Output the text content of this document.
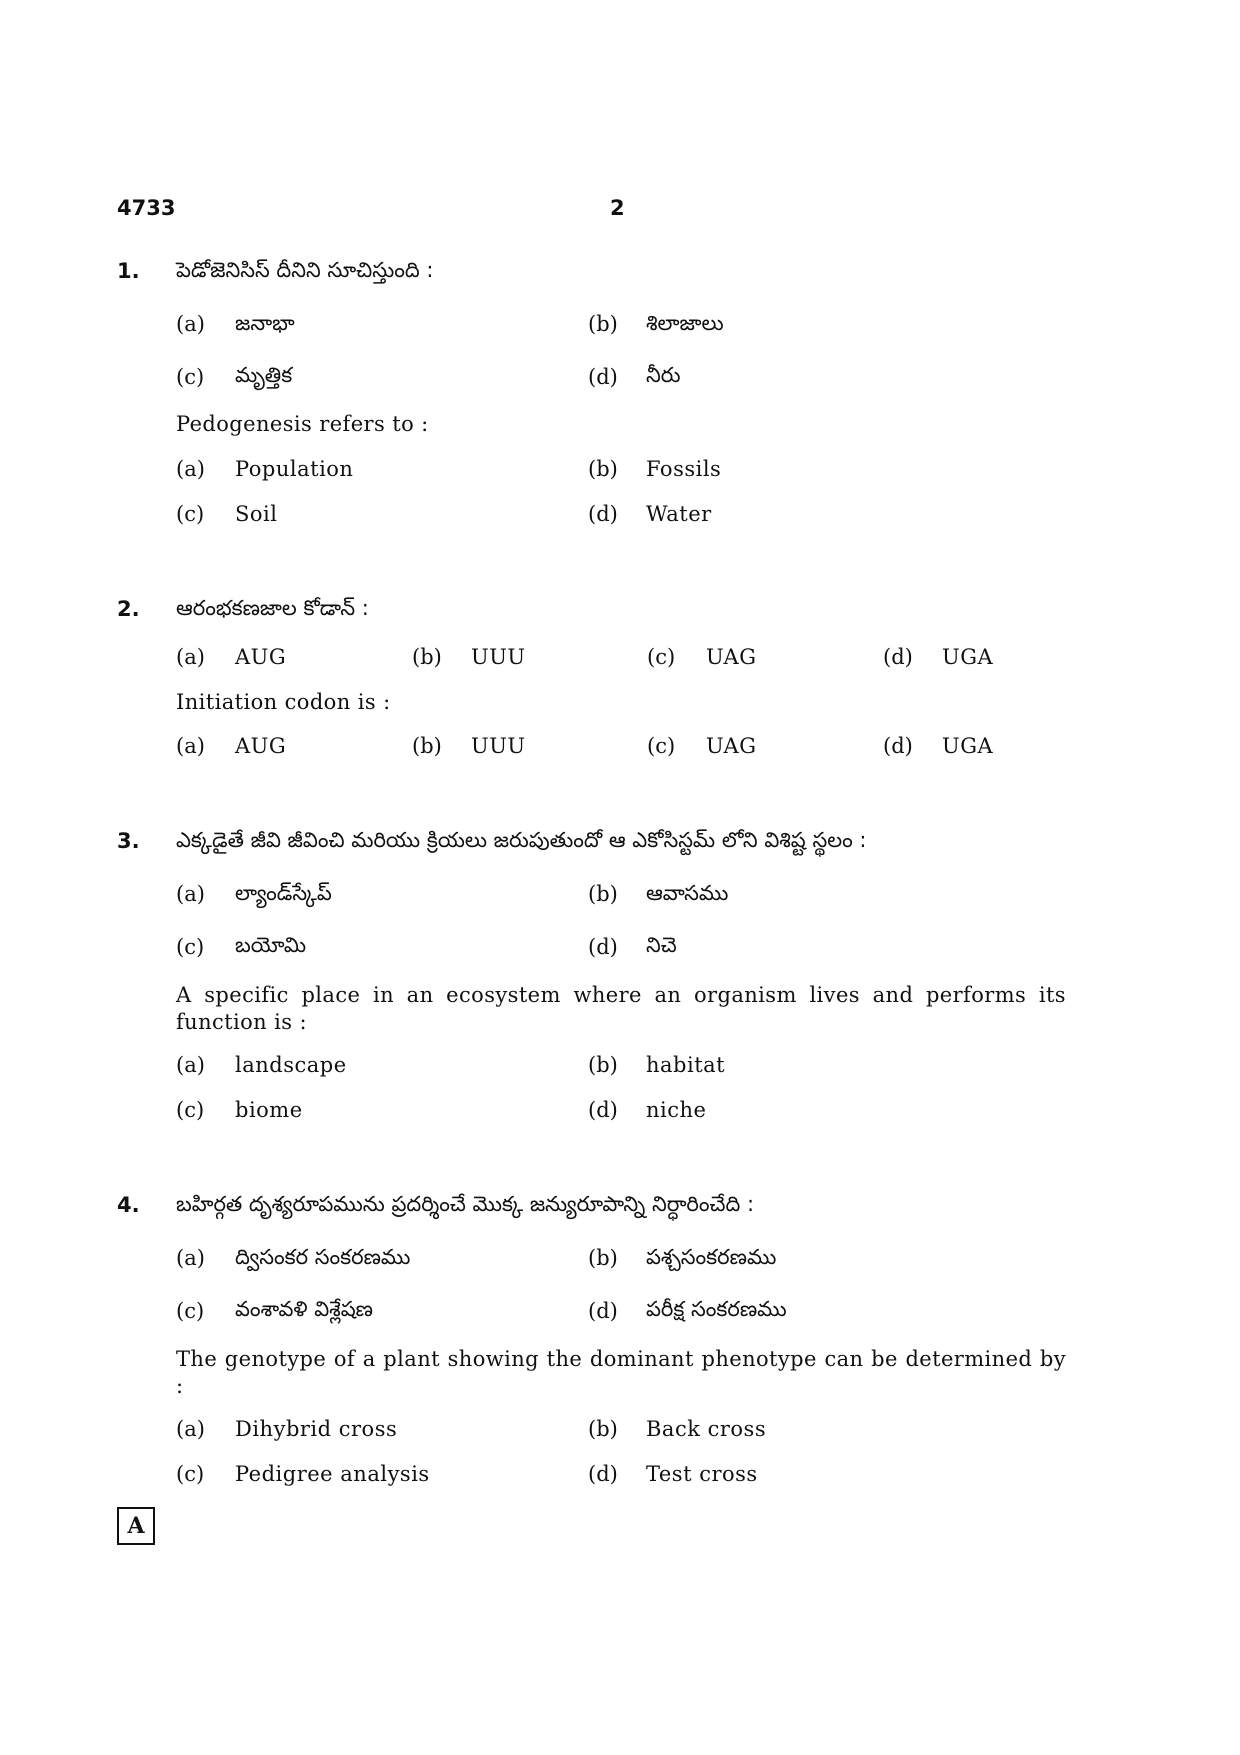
4733	2
1. పెడోజెనిసిస్ దీనిని సూచిస్తుంది :
(a) జనాభా	(b) శిలాజాలు
(c) మృత్తిక	(d) నీరు
Pedogenesis refers to :
(a) Population	(b) Fossils
(c) Soil	(d) Water
2. ఆరంభకణజాల కోడాన్ :
(a) AUG	(b) UUU	(c) UAG	(d) UGA
Initiation codon is :
(a) AUG	(b) UUU	(c) UAG	(d) UGA
3. ఎక్కడైతే జీవి జీవించి మరియు క్రియలు జరుపుతుందో ఆ ఎకోసిస్టమ్ లోని విశిష్ట స్థలం :
(a) ల్యాండ్‌స్కేప్	(b) ఆవాసము
(c) బయోమి	(d) నిచె
A specific place in an ecosystem where an organism lives and performs its function is :
(a) landscape	(b) habitat
(c) biome	(d) niche
4. బహిర్గత దృశ్యరూపమును ప్రదర్శించే మొక్క జన్యురూపాన్ని నిర్ధారించేది :
(a) ద్విసంకర సంకరణము	(b) పశ్చసంకరణము
(c) వంశావళి విశ్లేషణ	(d) పరీక్ష సంకరణము
The genotype of a plant showing the dominant phenotype can be determined by :
(a) Dihybrid cross	(b) Back cross
(c) Pedigree analysis	(d) Test cross
A
